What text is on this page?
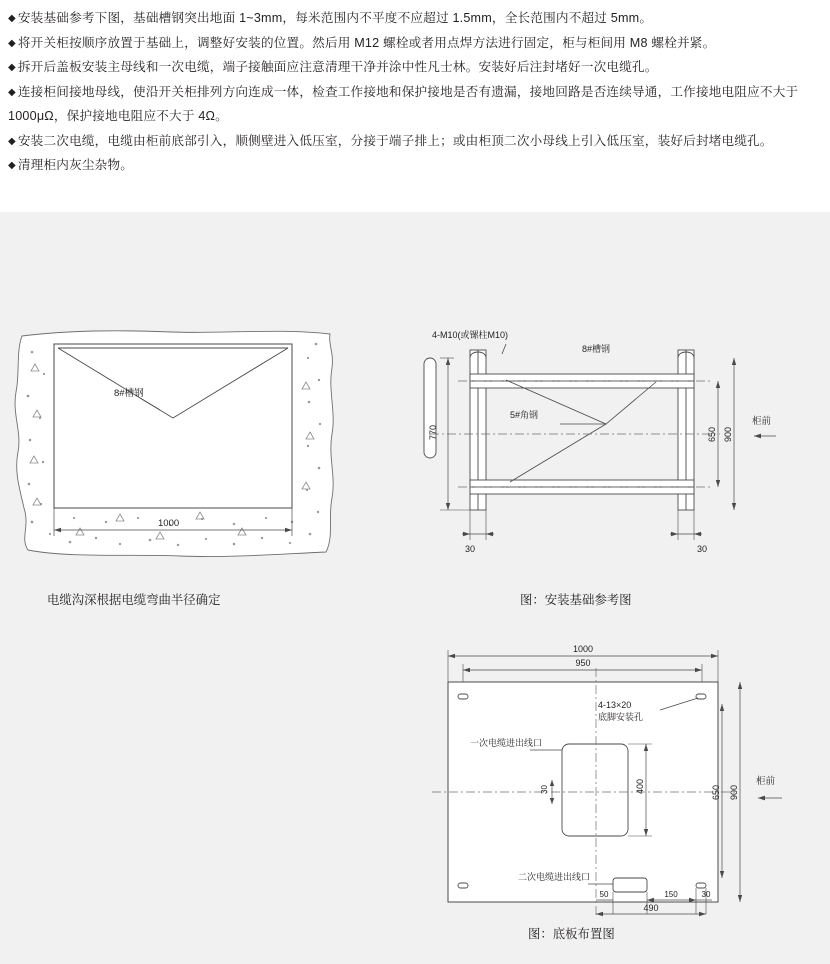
◆ 安装基础参考下图，基础槽钢突出地面 1~3mm，每米范围内不平度不应超过 1.5mm，全长范围内不超过 5mm。
◆ 将开关柜按顺序放置于基础上，调整好安装的位置。然后用 M12 螺栓或者用点焊方法进行固定，柜与柜间用 M8 螺栓并紧。
◆ 拆开后盖板安装主母线和一次电缆，端子接触面应注意清理干净并涂中性凡士林。安装好后注封堵好一次电缆孔。
◆ 连接柜间接地母线，使沿开关柜排列方向连成一体，检查工作接地和保护接地是否有遗漏，接地回路是否连续导通，工作接地电阻应不大于 1000μΩ，保护接地电阻应不大于 4Ω。
◆ 安装二次电缆，电缆由柜前底部引入，顺侧壁进入低压室，分接于端子排上；或由柜顶二次小母线上引入低压室，装好后封堵电缆孔。
◆ 清理柜内灰尘杂物。
8#槽钢
1000
电缆沟深根据电缆弯曲半径确定
4-M10(或镙柱M10)
8#槽钢
5#角钢
770	650 900
柜前
30	30
图：安装基础参考图
一次电缆进出线口
二次电缆进出线口
4-13×20
底脚安装孔
1000
950
650 900
柜前
400
30
50	150	30
490
图：底板布置图
